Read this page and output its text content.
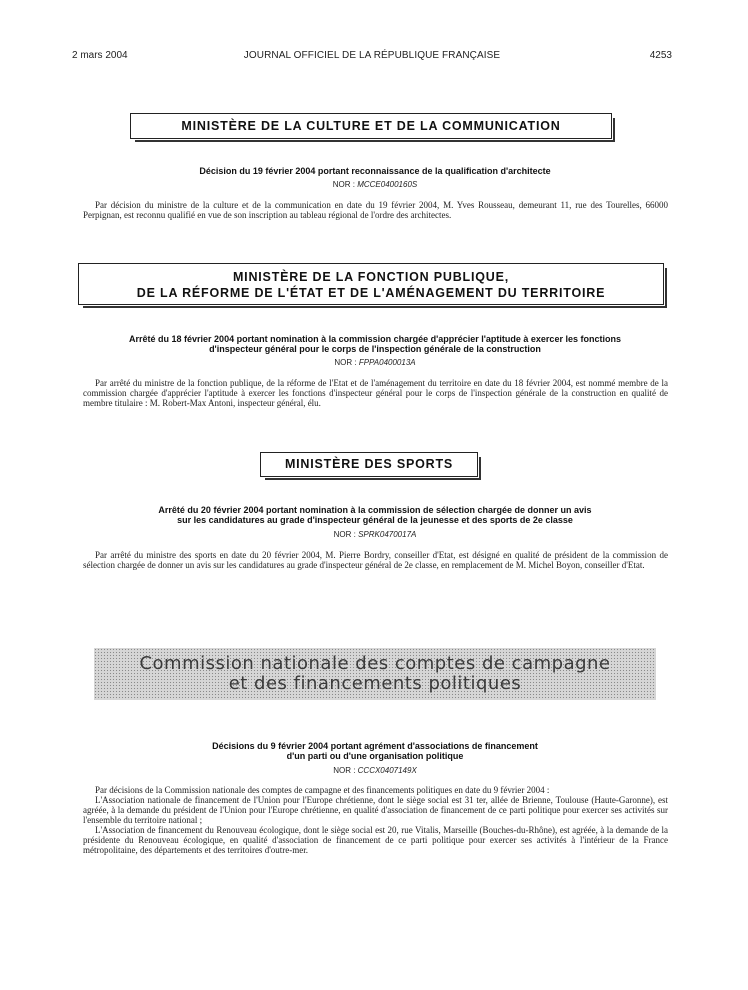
2 mars 2004	JOURNAL OFFICIEL DE LA RÉPUBLIQUE FRANÇAISE	4253
MINISTÈRE DE LA CULTURE ET DE LA COMMUNICATION
Décision du 19 février 2004 portant reconnaissance de la qualification d'architecte
NOR : MCCE0400160S

Par décision du ministre de la culture et de la communication en date du 19 février 2004, M. Yves Rousseau, demeurant 11, rue des Tourelles, 66000 Perpignan, est reconnu qualifié en vue de son inscription au tableau régional de l'ordre des architectes.

MINISTÈRE DE LA FONCTION PUBLIQUE,
DE LA RÉFORME DE L'ÉTAT ET DE L'AMÉNAGEMENT DU TERRITOIRE
Arrêté du 18 février 2004 portant nomination à la commission chargée d'apprécier l'aptitude à exercer les fonctions
d'inspecteur général pour le corps de l'inspection générale de la construction
NOR : FPPA0400013A

Par arrêté du ministre de la fonction publique, de la réforme de l'Etat et de l'aménagement du territoire en date du 18 février 2004, est nommé membre de la commission chargée d'apprécier l'aptitude à exercer les fonctions d'inspecteur général pour le corps de l'inspection générale de la construction en qualité de membre titulaire : M. Robert-Max Antoni, inspecteur général, élu.

MINISTÈRE DES SPORTS
Arrêté du 20 février 2004 portant nomination à la commission de sélection chargée de donner un avis
sur les candidatures au grade d'inspecteur général de la jeunesse et des sports de 2e classe
NOR : SPRK0470017A

Par arrêté du ministre des sports en date du 20 février 2004, M. Pierre Bordry, conseiller d'Etat, est désigné en qualité de président de la commission de sélection chargée de donner un avis sur les candidatures au grade d'inspecteur général de 2e classe, en remplacement de M. Michel Boyon, conseiller d'Etat.

Commission nationale des comptes de campagne
et des financements politiques
Décisions du 9 février 2004 portant agrément d'associations de financement
d'un parti ou d'une organisation politique
NOR : CCCX0407149X

Par décisions de la Commission nationale des comptes de campagne et des financements politiques en date du 9 février 2004 :

L'Association nationale de financement de l'Union pour l'Europe chrétienne, dont le siège social est 31 ter, allée de Brienne, Toulouse (Haute-Garonne), est agréée, à la demande du président de l'Union pour l'Europe chrétienne, en qualité d'association de financement de ce parti politique pour exercer ses activités sur l'ensemble du territoire national ;

L'Association de financement du Renouveau écologique, dont le siège social est 20, rue Vitalis, Marseille (Bouches-du-Rhône), est agréée, à la demande de la présidente du Renouveau écologique, en qualité d'association de financement de ce parti politique pour exercer ses activités à l'intérieur de la France métropolitaine, des départements et des territoires d'outre-mer.
